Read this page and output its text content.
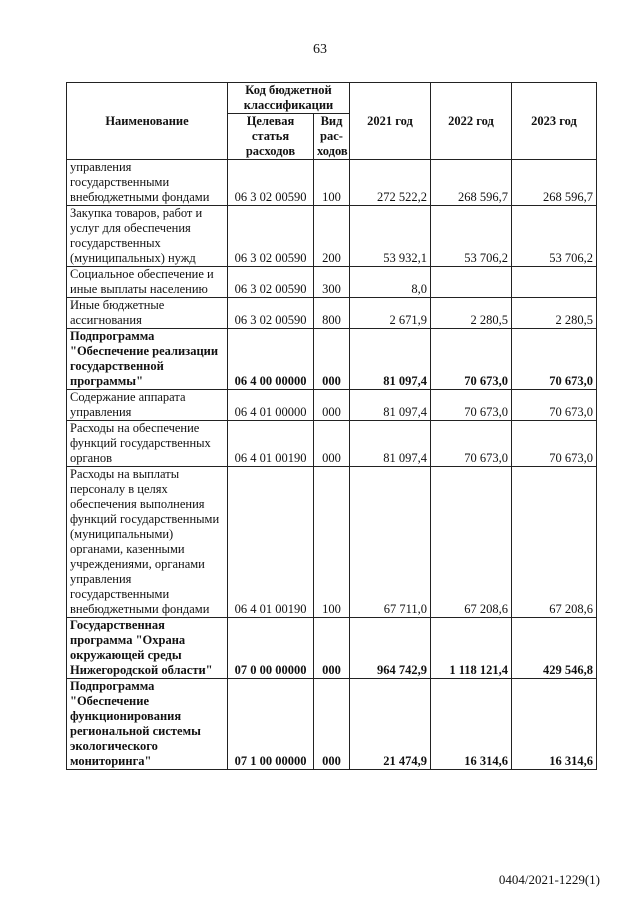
63
Наименование	Код бюджетной классификации		2021 год	2022 год	2023 год
	Целевая статья расходов	Вид рас-ходов			
управления государственными внебюджетными фондами	06 3 02 00590	100	272 522,2	268 596,7	268 596,7
Закупка товаров, работ и услуг для обеспечения государственных (муниципальных) нужд	06 3 02 00590	200	53 932,1	53 706,2	53 706,2
Социальное обеспечение и иные выплаты населению	06 3 02 00590	300	8,0		
Иные бюджетные ассигнования	06 3 02 00590	800	2 671,9	2 280,5	2 280,5
Подпрограмма "Обеспечение реализации государственной программы"	06 4 00 00000	000	81 097,4	70 673,0	70 673,0
Содержание аппарата управления	06 4 01 00000	000	81 097,4	70 673,0	70 673,0
Расходы на обеспечение функций государственных органов	06 4 01 00190	000	81 097,4	70 673,0	70 673,0
Расходы на выплаты персоналу в целях обеспечения выполнения функций государственными (муниципальными) органами, казенными учреждениями, органами управления государственными внебюджетными фондами	06 4 01 00190	100	67 711,0	67 208,6	67 208,6
Государственная программа "Охрана окружающей среды Нижегородской области"	07 0 00 00000	000	964 742,9	1 118 121,4	429 546,8
Подпрограмма "Обеспечение функционирования региональной системы экологического мониторинга"	07 1 00 00000	000	21 474,9	16 314,6	16 314,6
0404/2021-1229(1)
